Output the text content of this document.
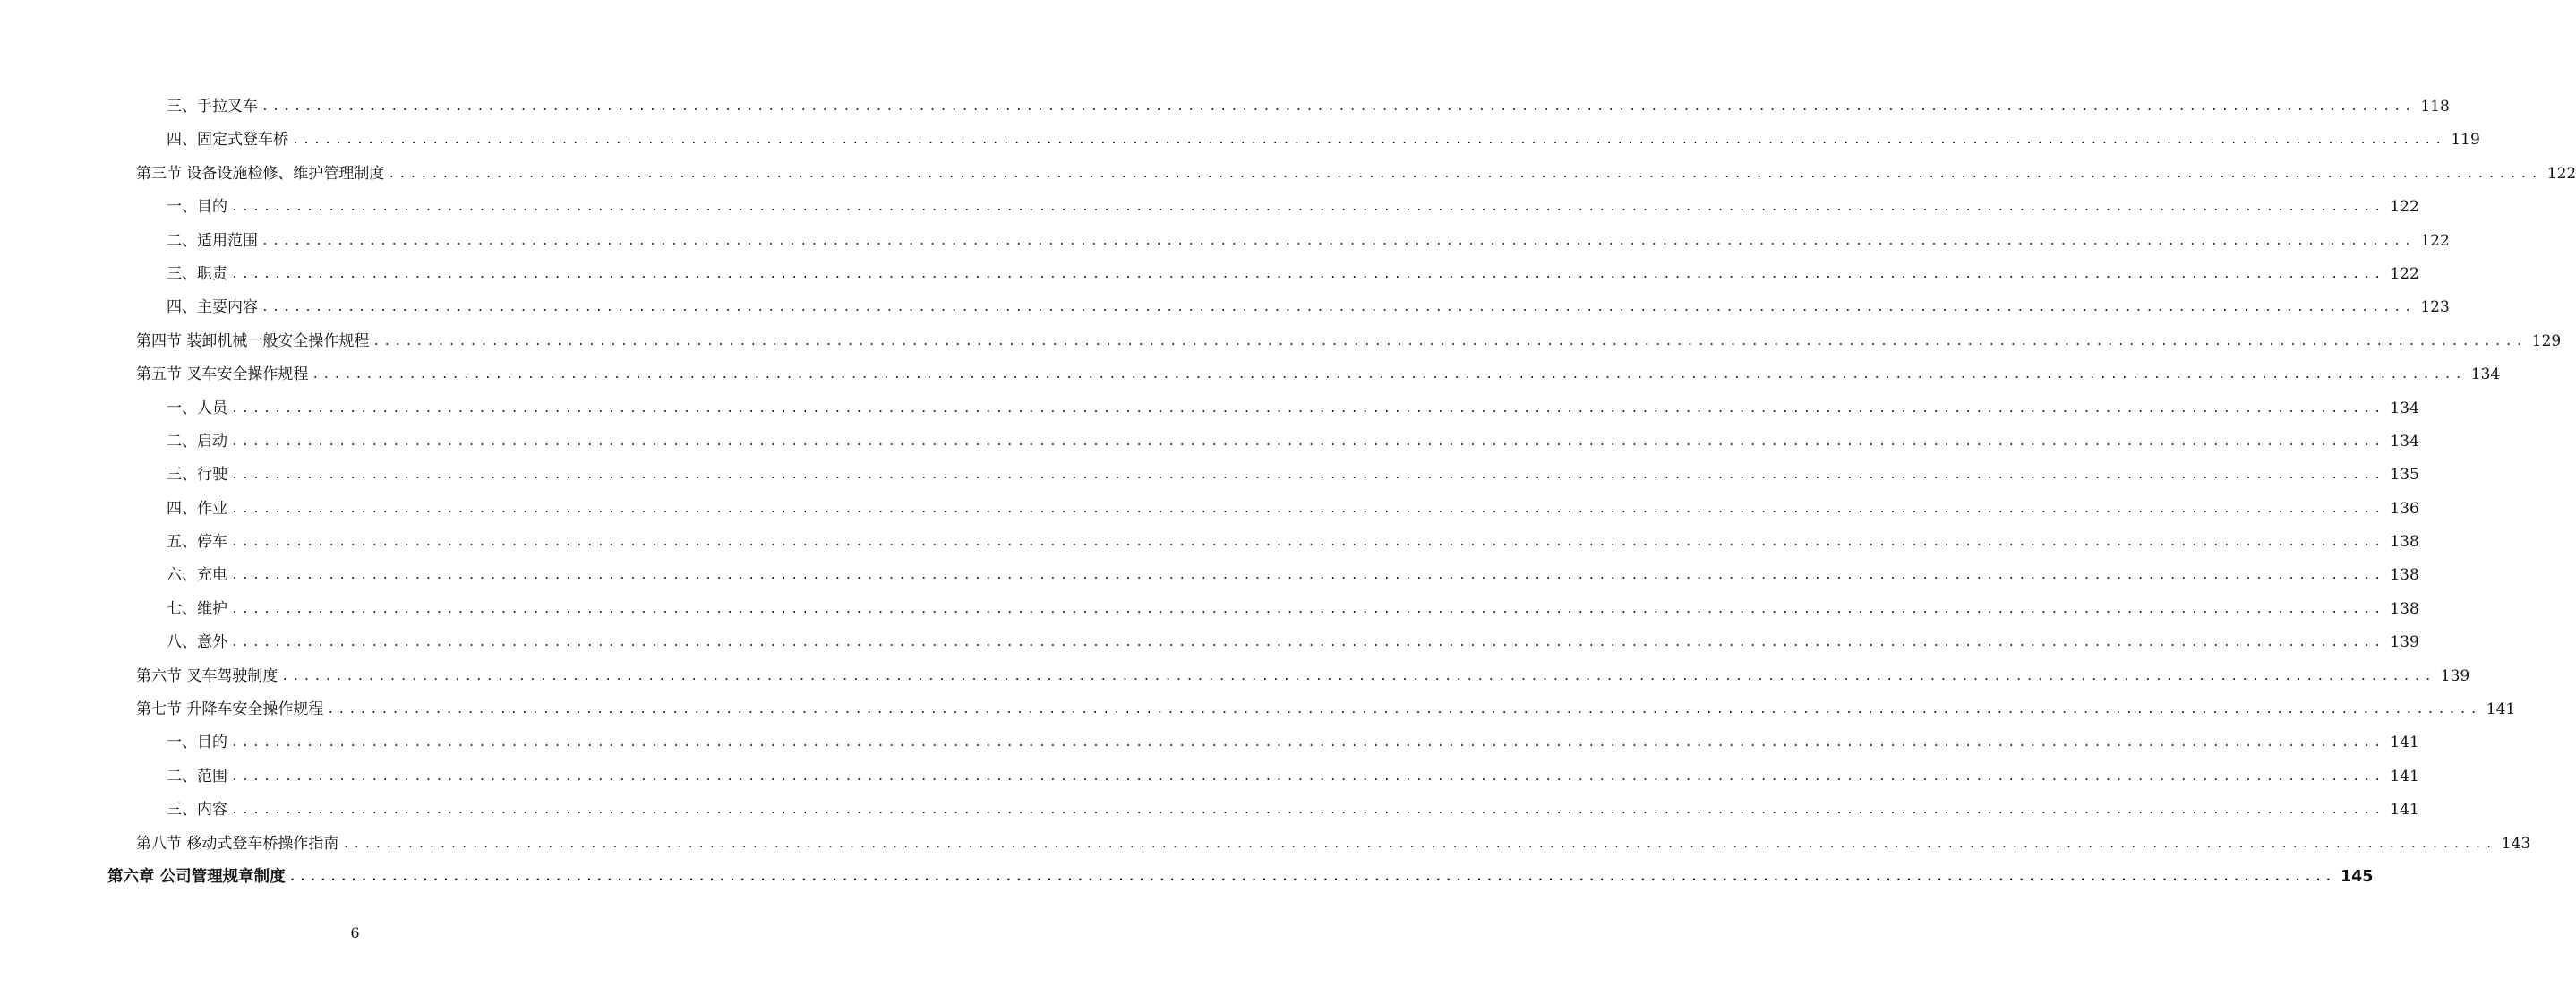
三、手拉叉车 ........................................................................................................................................................................................................ 118
四、固定式登车桥 ........................................................................................................................................................................................................ 119
第三节 设备设施检修、维护管理制度 ........................................................................................................................................................................................................ 122
一、目的 ........................................................................................................................................................................................................ 122
二、适用范围 ........................................................................................................................................................................................................ 122
三、职责 ........................................................................................................................................................................................................ 122
四、主要内容 ........................................................................................................................................................................................................ 123
第四节 装卸机械一般安全操作规程 ........................................................................................................................................................................................................ 129
第五节 叉车安全操作规程 ........................................................................................................................................................................................................ 134
一、人员 ........................................................................................................................................................................................................ 134
二、启动 ........................................................................................................................................................................................................ 134
三、行驶 ........................................................................................................................................................................................................ 135
四、作业 ........................................................................................................................................................................................................ 136
五、停车 ........................................................................................................................................................................................................ 138
六、充电 ........................................................................................................................................................................................................ 138
七、维护 ........................................................................................................................................................................................................ 138
八、意外 ........................................................................................................................................................................................................ 139
第六节 叉车驾驶制度 ........................................................................................................................................................................................................ 139
第七节 升降车安全操作规程 ........................................................................................................................................................................................................ 141
一、目的 ........................................................................................................................................................................................................ 141
二、范围 ........................................................................................................................................................................................................ 141
三、内容 ........................................................................................................................................................................................................ 141
第八节 移动式登车桥操作指南 ........................................................................................................................................................................................................ 143
第六章 公司管理规章制度 ........................................................................................................................................................................................................ 145
6
